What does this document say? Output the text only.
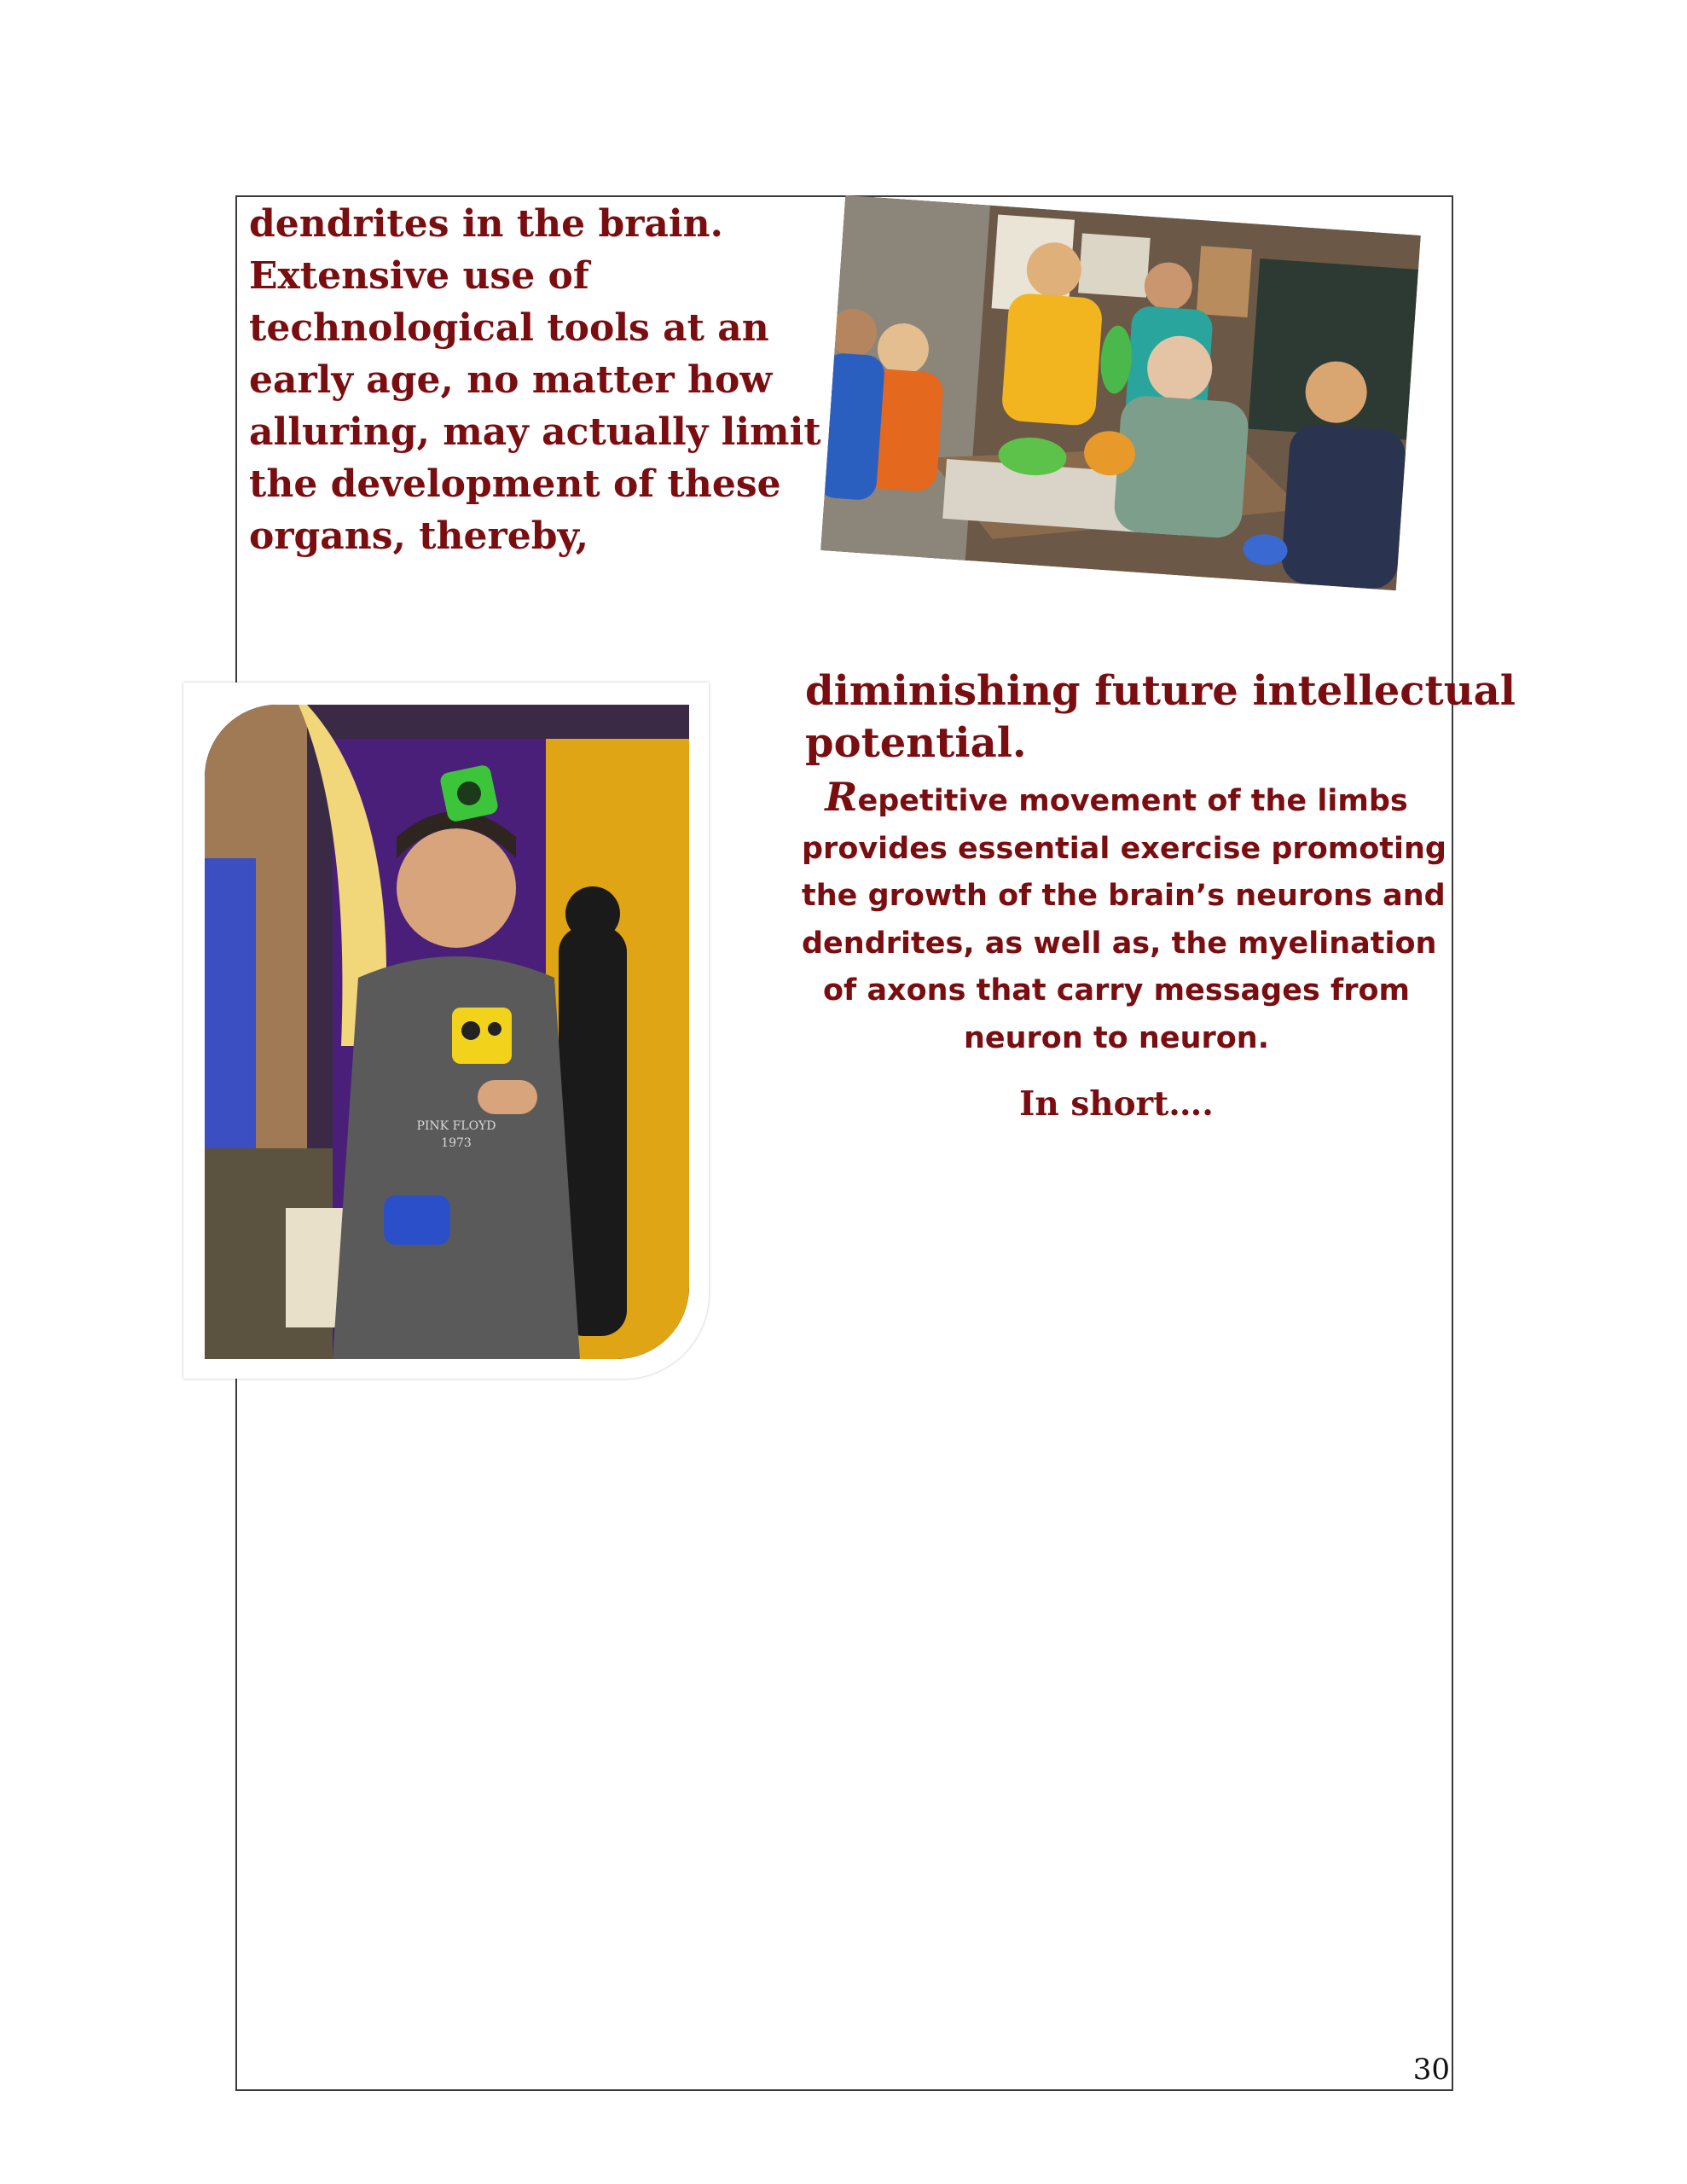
dendrites in the brain.
Extensive use of
technological tools at an
early age, no matter how
alluring, may actually limit
the development of these
organs, thereby,

PINK FLOYD
1973

diminishing future intellectual
potential.

Repetitive movement of the limbs
provides essential exercise promoting
the growth of the brain’s neurons and
dendrites, as well as, the myelination
of axons that carry messages from
neuron to neuron.

In short….

30
